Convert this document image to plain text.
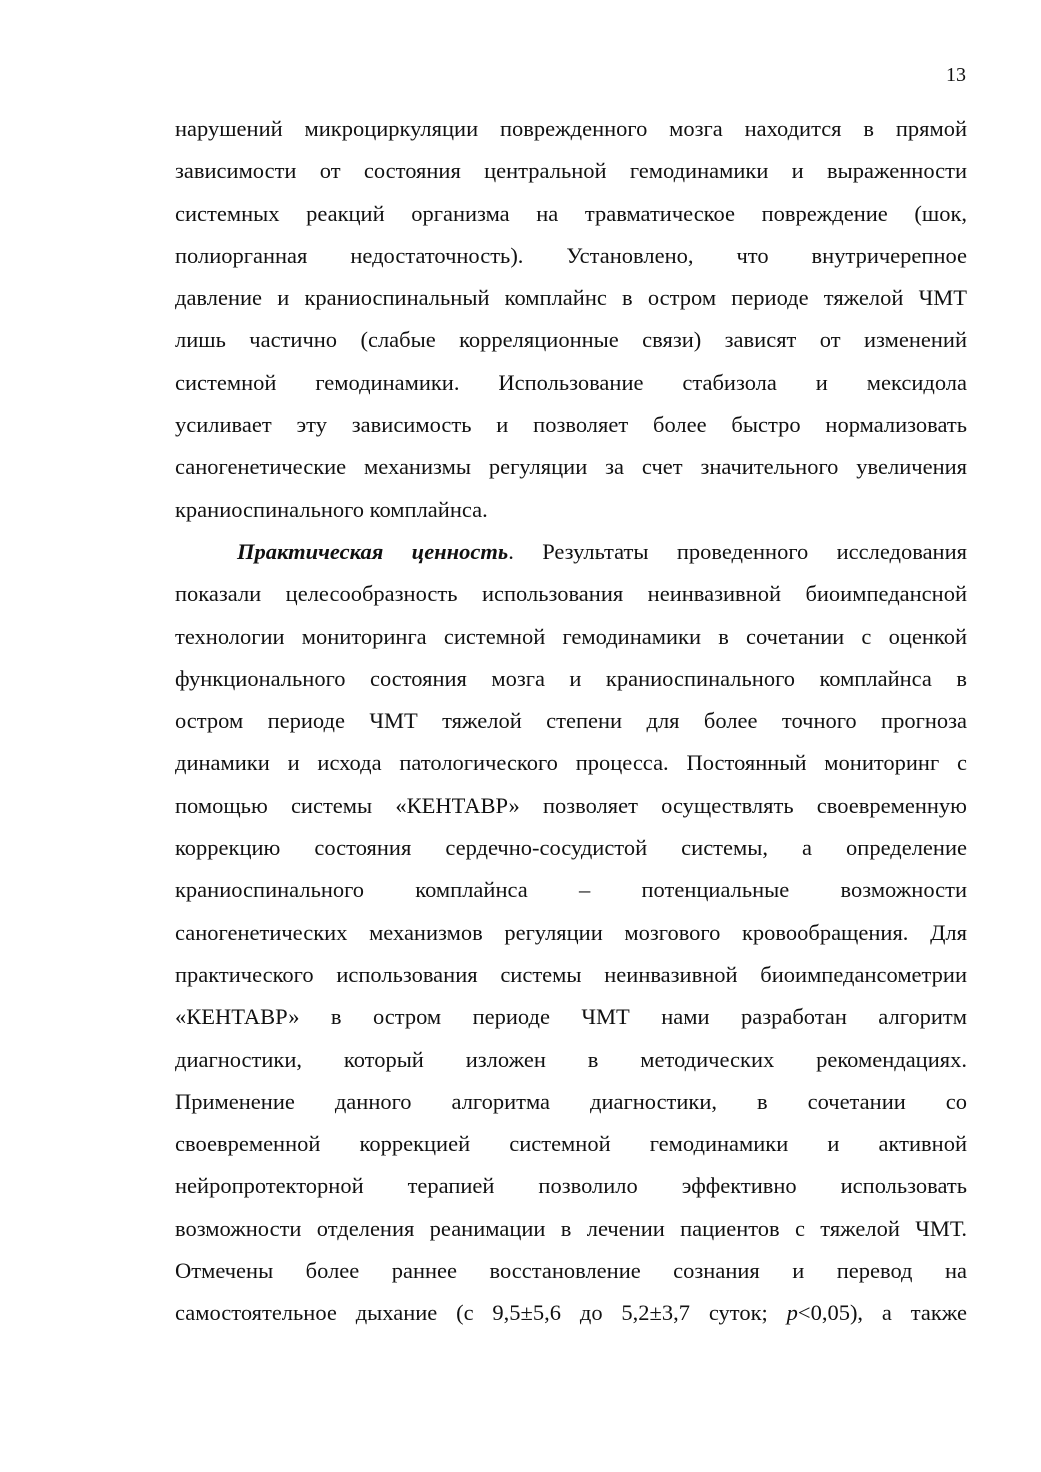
13
нарушений микроциркуляции поврежденного мозга находится в прямой
зависимости от состояния центральной гемодинамики и выраженности
системных реакций организма на травматическое повреждение (шок,
полиорганная недостаточность). Установлено, что внутричерепное
давление и краниоспинальный комплайнс в остром периоде тяжелой ЧМТ
лишь частично (слабые корреляционные связи) зависят от изменений
системной гемодинамики. Использование стабизола и мексидола
усиливает эту зависимость и позволяет более быстро нормализовать
саногенетические механизмы регуляции за счет значительного увеличения
краниоспинального комплайнса.
Практическая ценность. Результаты проведенного исследования
показали целесообразность использования неинвазивной биоимпедансной
технологии мониторинга системной гемодинамики в сочетании с оценкой
функционального состояния мозга и краниоспинального комплайнса в
остром периоде ЧМТ тяжелой степени для более точного прогноза
динамики и исхода патологического процесса. Постоянный мониторинг с
помощью системы «КЕНТАВР» позволяет осуществлять своевременную
коррекцию состояния сердечно-сосудистой системы, а определение
краниоспинального комплайнса – потенциальные возможности
саногенетических механизмов регуляции мозгового кровообращения. Для
практического использования системы неинвазивной биоимпедансометрии
«КЕНТАВР» в остром периоде ЧМТ нами разработан алгоритм
диагностики, который изложен в методических рекомендациях.
Применение данного алгоритма диагностики, в сочетании со
своевременной коррекцией системной гемодинамики и активной
нейропротекторной терапией позволило эффективно использовать
возможности отделения реанимации в лечении пациентов с тяжелой ЧМТ.
Отмечены более раннее восстановление сознания и перевод на
самостоятельное дыхание (с 9,5±5,6 до 5,2±3,7 суток; p<0,05), а также
